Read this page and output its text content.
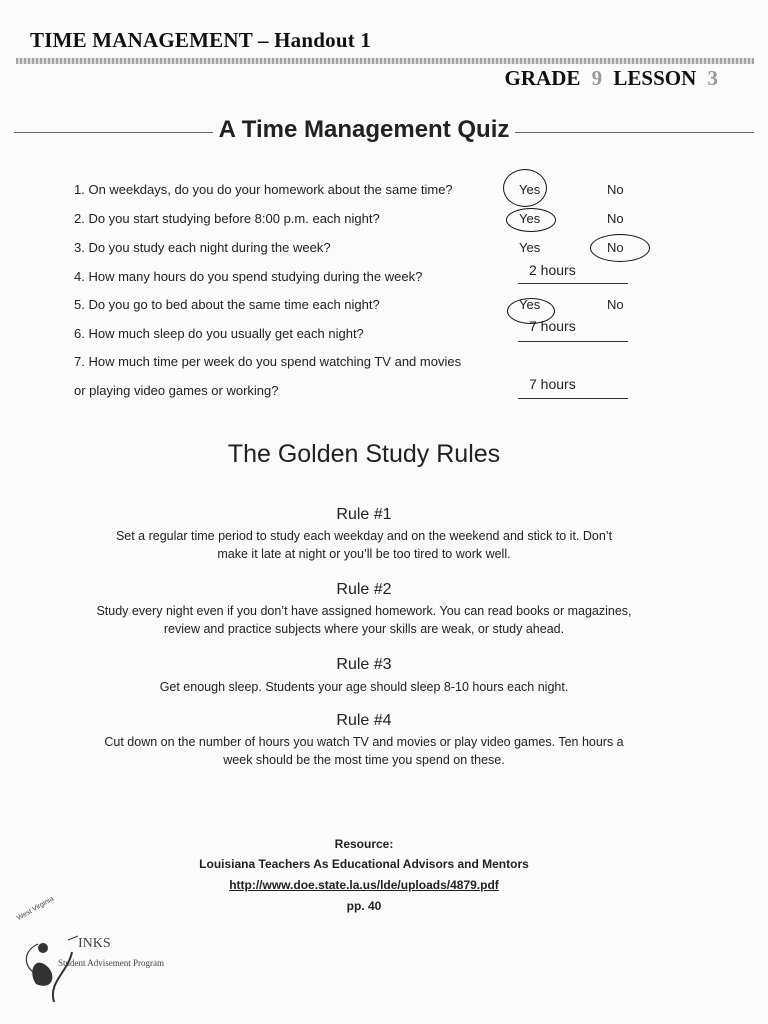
TIME MANAGEMENT – Handout 1
GRADE 9 LESSON 3
A Time Management Quiz
1. On weekdays, do you do your homework about the same time?	Yes	No
2. Do you start studying before 8:00 p.m. each night?	Yes	No
3. Do you study each night during the week?	Yes	No
4. How many hours do you spend studying during the week?	2 hours
5. Do you go to bed about the same time each night?	Yes	No
6. How much sleep do you usually get each night?	7 hours
7. How much time per week do you spend watching TV and movies
or playing video games or working?	7 hours
The Golden Study Rules
Rule #1
Set a regular time period to study each weekday and on the weekend and stick to it. Don’t
make it late at night or you’ll be too tired to work well.
Rule #2
Study every night even if you don’t have assigned homework. You can read books or magazines,
review and practice subjects where your skills are weak, or study ahead.
Rule #3
Get enough sleep. Students your age should sleep 8-10 hours each night.
Rule #4
Cut down on the number of hours you watch TV and movies or play video games. Ten hours a
week should be the most time you spend on these.
Resource:
Louisiana Teachers As Educational Advisors and Mentors
http://www.doe.state.la.us/lde/uploads/4879.pdf
pp. 40
West Virginia
INKS
Student Advisement Program
